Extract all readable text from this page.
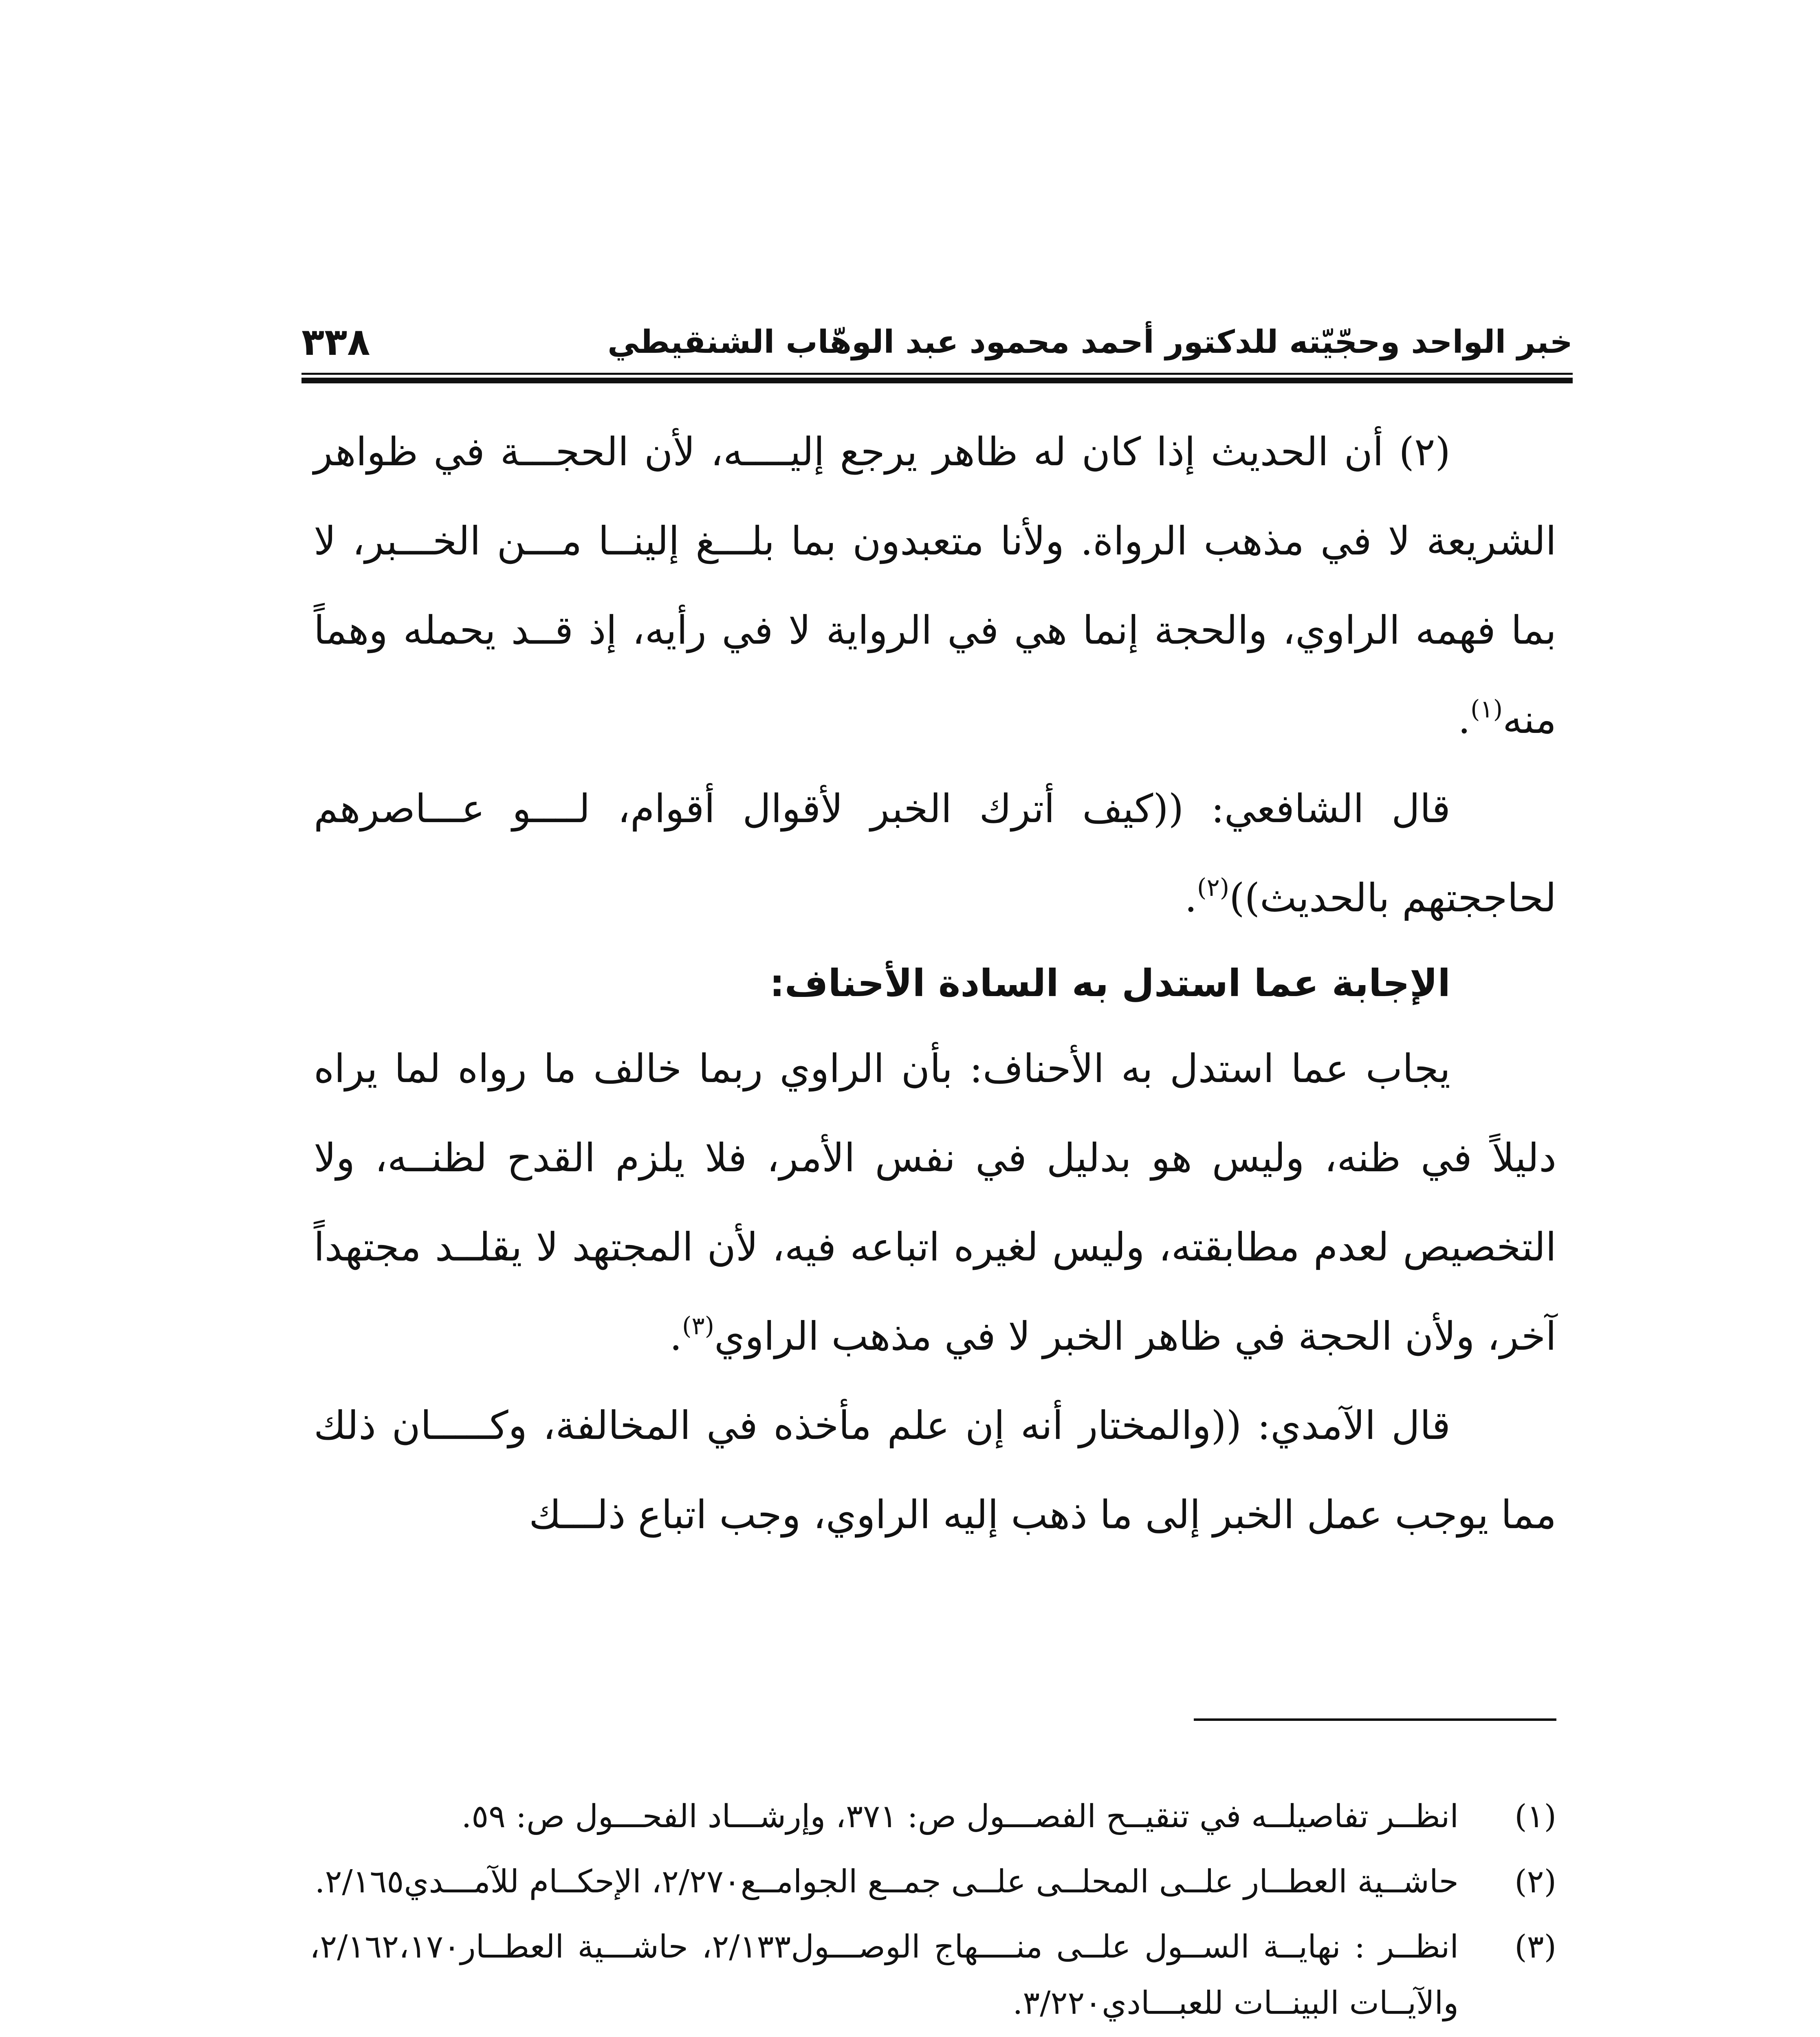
خبر الواحد وحجّيّته للدكتور أحمد محمود عبد الوهّاب الشنقيطي
٣٣٨

(٢) أن الحديث إذا كان له ظاهر يرجع إليــــه، لأن الحجـــة في ظواهر الشريعة لا في مذهب الرواة. ولأنا متعبدون بما بلـــغ إلينــا مـــن الخـــبر، لا بما فهمه الراوي، والحجة إنما هي في الرواية لا في رأيه، إذ قــد يحمله وهماً منه$^{(١)}$.

قال الشافعي: ((كيف أترك الخبر لأقوال أقوام، لــــو عـــاصرهم لحاججتهم بالحديث))$^{(٢)}$.

الإجابة عما استدل به السادة الأحناف:

يجاب عما استدل به الأحناف: بأن الراوي ربما خالف ما رواه لما يراه دليلاً في ظنه، وليس هو بدليل في نفس الأمر، فلا يلزم القدح لظنــه، ولا التخصيص لعدم مطابقته، وليس لغيره اتباعه فيه، لأن المجتهد لا يقلــد مجتهداً آخر، ولأن الحجة في ظاهر الخبر لا في مذهب الراوي$^{(٣)}$.

قال الآمدي: ((والمختار أنه إن علم مأخذه في المخالفة، وكـــــان ذلك مما يوجب عمل الخبر إلى ما ذهب إليه الراوي، وجب اتباع ذلـــك

(١)انظــر تفاصيلــه في تنقيــح الفصـــول ص: ٣٧١، وإرشـــاد الفحـــول ص: ٥٩.

(٢)حاشــية العطــار علــى المحلــى علــى جمــع الجوامــع٢/٢٧٠، الإحكــام للآمـــدي٢/١٦٥.

(٣)انظــر : نهايــة الســول علــى منــــهاج الوصـــول٢/١٣٣، حاشـــية العطــار٢/١٦٢،١٧٠، والآيــات البينــات للعبـــادي٣/٢٢٠.
